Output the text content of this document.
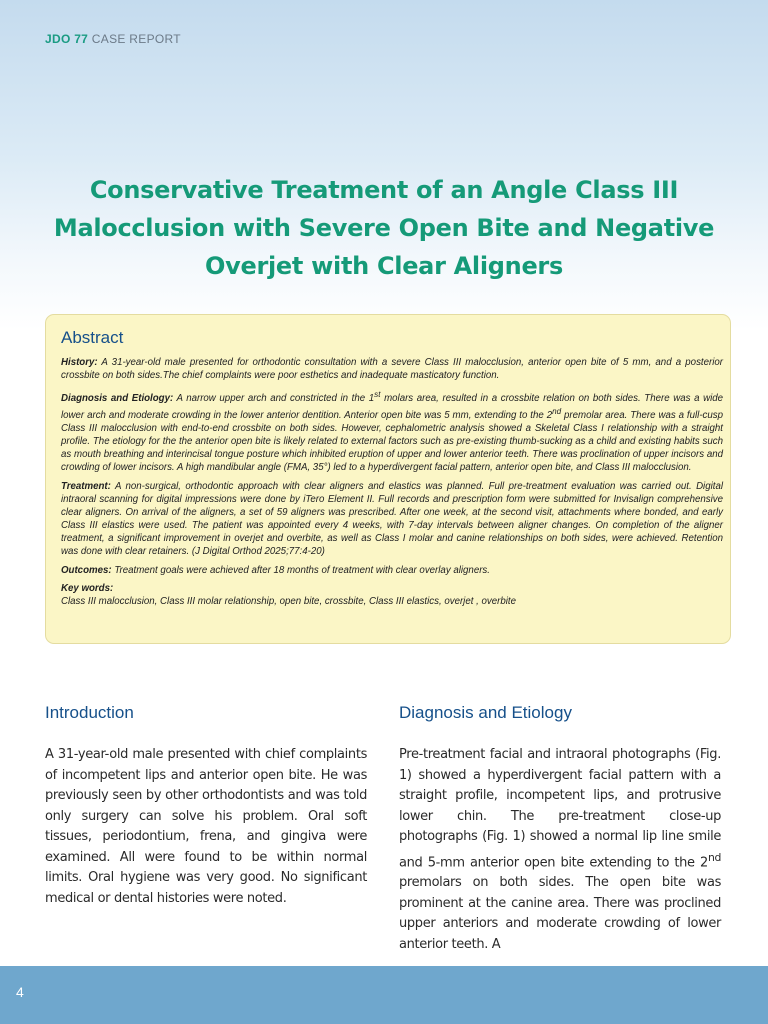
JDO 77 CASE REPORT
Conservative Treatment of an Angle Class III Malocclusion with Severe Open Bite and Negative Overjet with Clear Aligners
Abstract

History: A 31-year-old male presented for orthodontic consultation with a severe Class III malocclusion, anterior open bite of 5 mm, and a posterior crossbite on both sides.The chief complaints were poor esthetics and inadequate masticatory function.

Diagnosis and Etiology: A narrow upper arch and constricted in the 1st molars area, resulted in a crossbite relation on both sides. There was a wide lower arch and moderate crowding in the lower anterior dentition. Anterior open bite was 5 mm, extending to the 2nd premolar area. There was a full-cusp Class III malocclusion with end-to-end crossbite on both sides. However, cephalometric analysis showed a Skeletal Class I relationship with a straight profile. The etiology for the the anterior open bite is likely related to external factors such as pre-existing thumb-sucking as a child and existing habits such as mouth breathing and interincisal tongue posture which inhibited eruption of upper and lower anterior teeth. There was proclination of upper incisors and crowding of lower incisors. A high mandibular angle (FMA, 35°) led to a hyperdivergent facial pattern, anterior open bite, and Class III malocclusion.

Treatment: A non-surgical, orthodontic approach with clear aligners and elastics was planned. Full pre-treatment evaluation was carried out. Digital intraoral scanning for digital impressions were done by iTero Element II. Full records and prescription form were submitted for Invisalign comprehensive clear aligners. On arrival of the aligners, a set of 59 aligners was prescribed. After one week, at the second visit, attachments where bonded, and early Class III elastics were used. The patient was appointed every 4 weeks, with 7-day intervals between aligner changes. On completion of the aligner treatment, a significant improvement in overjet and overbite, as well as Class I molar and canine relationships on both sides, were achieved. Retention was done with clear retainers. (J Digital Orthod 2025;77:4-20)

Outcomes: Treatment goals were achieved after 18 months of treatment with clear overlay aligners.

Key words:

Class III malocclusion, Class III molar relationship, open bite, crossbite, Class III elastics, overjet , overbite

Introduction

A 31-year-old male presented with chief complaints of incompetent lips and anterior open bite. He was previously seen by other orthodontists and was told only surgery can solve his problem. Oral soft tissues, periodontium, frena, and gingiva were examined. All were found to be within normal limits. Oral hygiene was very good. No significant medical or dental histories were noted.

Diagnosis and Etiology

Pre-treatment facial and intraoral photographs (Fig. 1) showed a hyperdivergent facial pattern with a straight profile, incompetent lips, and protrusive lower chin. The pre-treatment close-up photographs (Fig. 1) showed a normal lip line smile and 5-mm anterior open bite extending to the 2nd premolars on both sides. The open bite was prominent at the canine area. There was proclined upper anteriors and moderate crowding of lower anterior teeth. A

4
